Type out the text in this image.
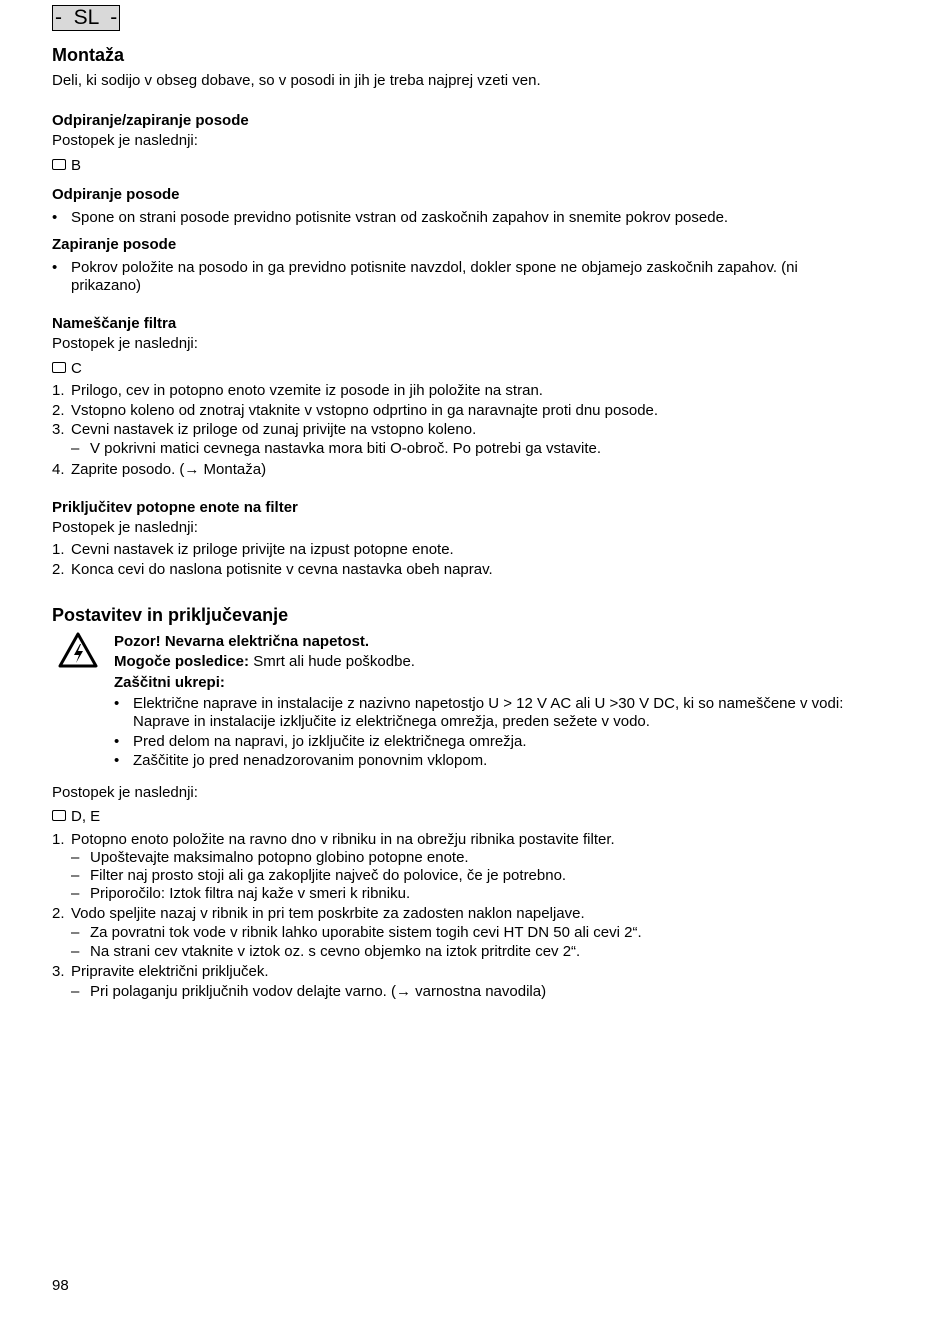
-  SL  -
Montaža
Deli, ki sodijo v obseg dobave, so v posodi in jih je treba najprej vzeti ven.
Odpiranje/zapiranje posode
Postopek je naslednji:
B
Odpiranje posode
• Spone on strani posode previdno potisnite vstran od zaskočnih zapahov in snemite pokrov posede.
Zapiranje posode
• Pokrov položite na posodo in ga previdno potisnite navzdol, dokler spone ne objamejo zaskočnih zapahov. (ni prikazano)
Nameščanje filtra
Postopek je naslednji:
C
1. Prilogo, cev in potopno enoto vzemite iz posode in jih položite na stran.
2. Vstopno koleno od znotraj vtaknite v vstopno odprtino in ga naravnajte proti dnu posode.
3. Cevni nastavek iz priloge od zunaj privijte na vstopno koleno.
– V pokrivni matici cevnega nastavka mora biti O-obroč. Po potrebi ga vstavite.
4. Zaprite posodo. (→ Montaža)
Priključitev potopne enote na filter
Postopek je naslednji:
1. Cevni nastavek iz priloge privijte na izpust potopne enote.
2. Konca cevi do naslona potisnite v cevna nastavka obeh naprav.
Postavitev in priključevanje
Pozor! Nevarna električna napetost.
Mogoče posledice: Smrt ali hude poškodbe.
Zaščitni ukrepi:
• Električne naprave in instalacije z nazivno napetostjo U > 12 V AC ali U >30 V DC, ki so nameščene v vodi: Naprave in instalacije izključite iz električnega omrežja, preden sežete v vodo.
• Pred delom na napravi, jo izključite iz električnega omrežja.
• Zaščitite jo pred nenadzorovanim ponovnim vklopom.
Postopek je naslednji:
D, E
1. Potopno enoto položite na ravno dno v ribniku in na obrežju ribnika postavite filter.
– Upoštevajte maksimalno potopno globino potopne enote.
– Filter naj prosto stoji ali ga zakopljite največ do polovice, če je potrebno.
– Priporočilo: Iztok filtra naj kaže v smeri k ribniku.
2. Vodo speljite nazaj v ribnik in pri tem poskrbite za zadosten naklon napeljave.
– Za povratni tok vode v ribnik lahko uporabite sistem togih cevi HT DN 50 ali cevi 2“.
– Na strani cev vtaknite v iztok oz. s cevno objemko na iztok pritrdite cev 2“.
3. Pripravite električni priključek.
– Pri polaganju priključnih vodov delajte varno. (→ varnostna navodila)
98
